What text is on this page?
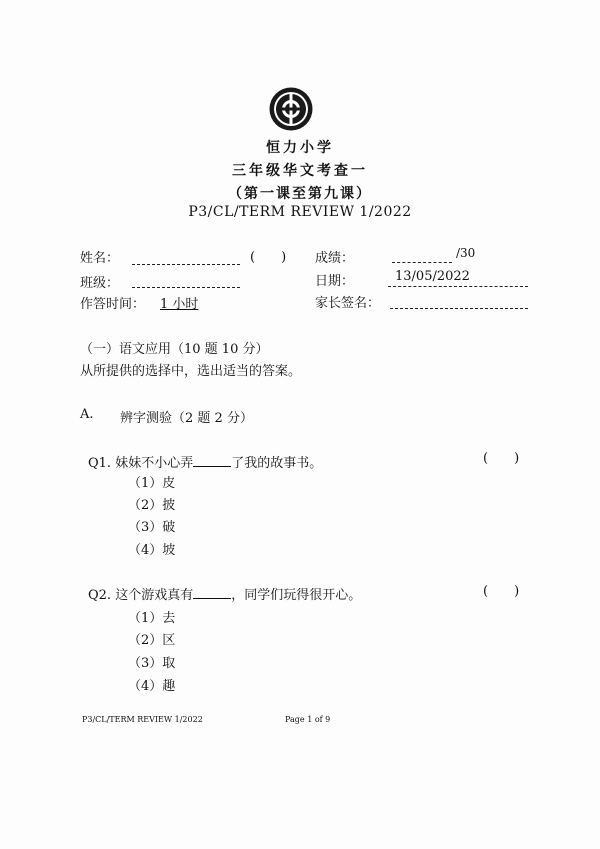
恒力小学
三年级华文考查一
（第一课至第九课）
P3/CL/TERM REVIEW 1/2022
姓名：	(　　) 成绩：	/30
班级：	日期：	13/05/2022
作答时间： 1 小时	家长签名：
（一）语文应用（10 题 10 分）
从所提供的选择中，选出适当的答案。
A. 辨字测验（2 题 2 分）
Q1. 妹妹不小心弄	了我的故事书。	(　　)
（1）皮
（2）披
（3）破
（4）坡
Q2. 这个游戏真有	，同学们玩得很开心。	(　　)
（1）去
（2）区
（3）取
（4）趣
P3/CL/TERM REVIEW 1/2022	Page 1 of 9
